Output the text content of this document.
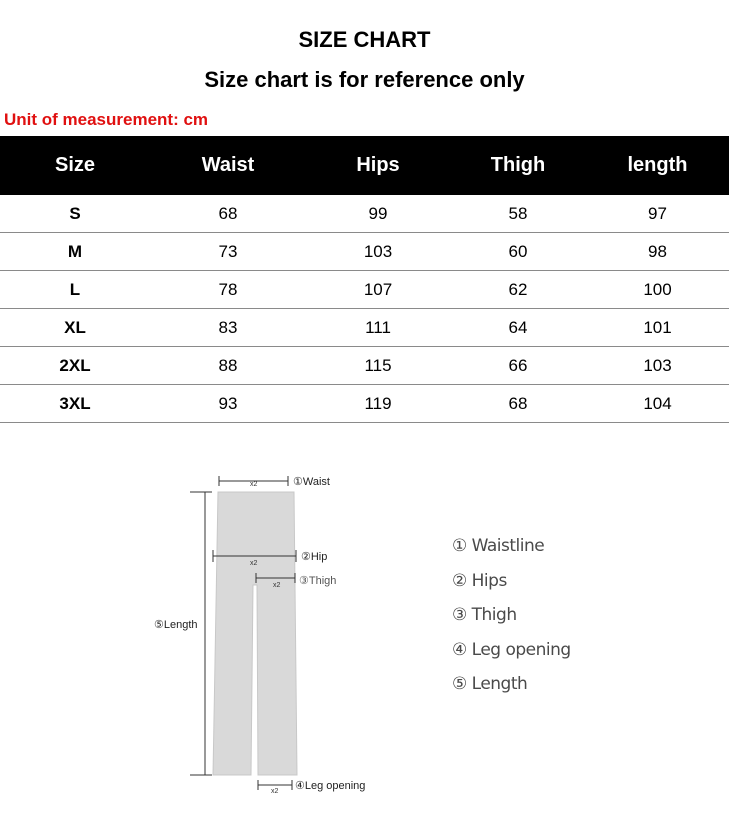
SIZE CHART
Size chart is for reference only
Unit of measurement: cm
Size	Waist	Hips	Thigh	length
S	68	99	58	97
M	73	103	60	98
L	78	107	62	100
XL	83	111	64	101
2XL	88	115	66	103
3XL	93	119	68	104
x2	①Waist
x2
②Hip
x2 ③Thigh
⑤Length
x2 ④Leg opening
① Waistline
② Hips
③ Thigh
④ Leg opening
⑤ Length
